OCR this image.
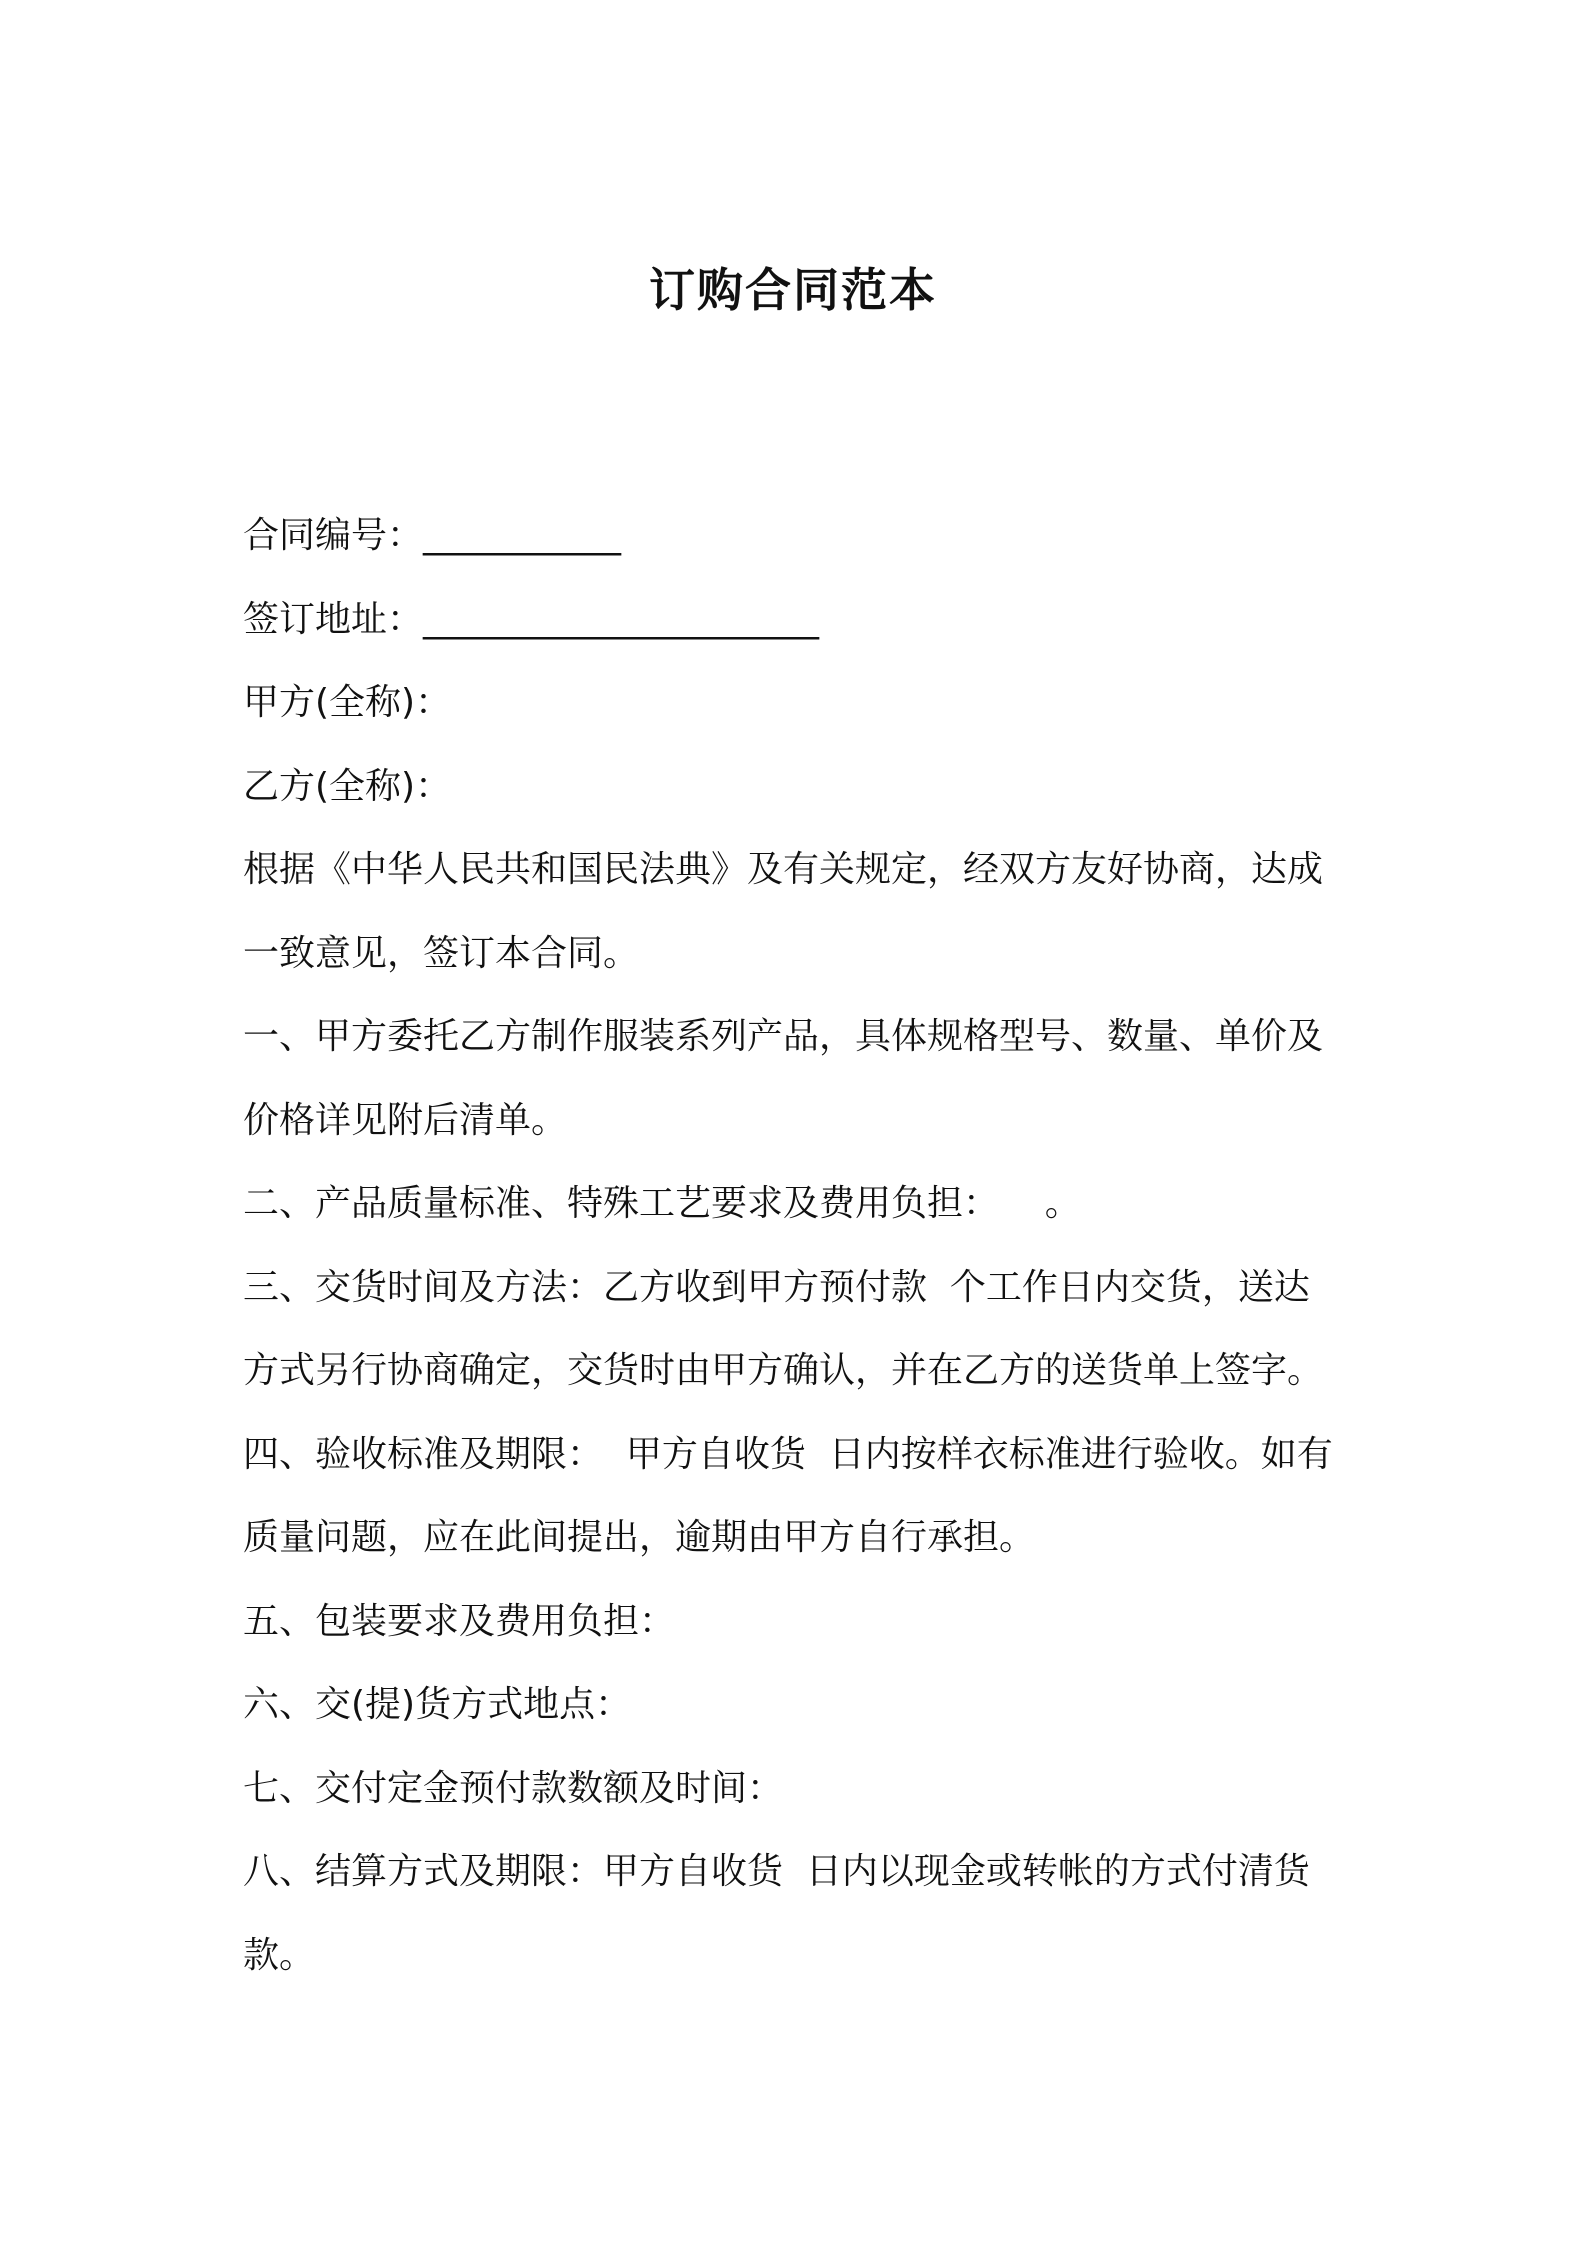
订购合同范本
合同编号：___________
签订地址：______________________
甲方(全称)：
乙方(全称)：
根据《中华人民共和国民法典》及有关规定，经双方友好协商，达成
一致意见，签订本合同。
一、甲方委托乙方制作服装系列产品，具体规格型号、数量、单价及
价格详见附后清单。
二、产品质量标准、特殊工艺要求及费用负担：    。
三、交货时间及方法：乙方收到甲方预付款  个工作日内交货，送达
方式另行协商确定，交货时由甲方确认，并在乙方的送货单上签字。
四、验收标准及期限：  甲方自收货  日内按样衣标准进行验收。如有
质量问题，应在此间提出，逾期由甲方自行承担。
五、包装要求及费用负担：
六、交(提)货方式地点：
七、交付定金预付款数额及时间：
八、结算方式及期限：甲方自收货  日内以现金或转帐的方式付清货
款。
